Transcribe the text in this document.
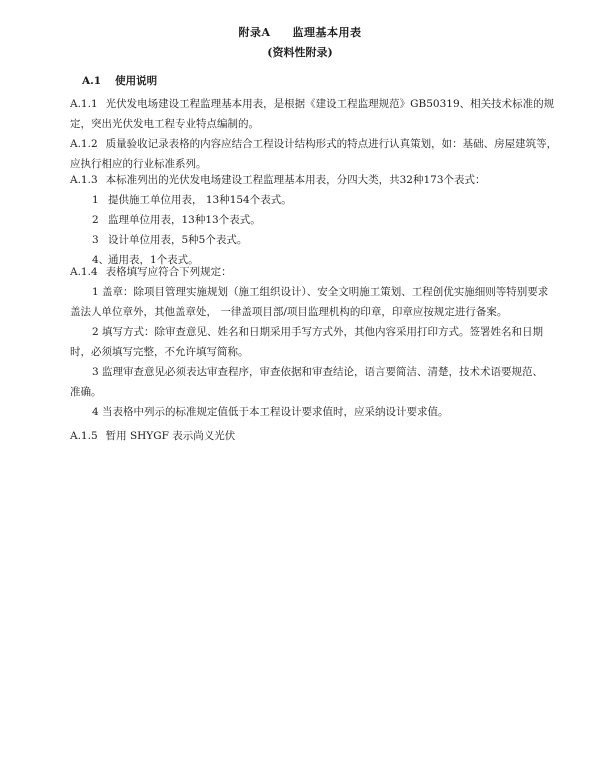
附录A 监理基本用表
(资料性附录)
A.1 使用说明
A.1.1 光伏发电场建设工程监理基本用表，是根据《建设工程监理规范》GB50319、相关技术标准的规
定，突出光伏发电工程专业特点编制的。
A.1.2 质量验收记录表格的内容应结合工程设计结构形式的特点进行认真策划，如：基础、房屋建筑等，
应执行相应的行业标准系列。
A.1.3 本标准列出的光伏发电场建设工程监理基本用表，分四大类，共32种173个表式：
1 提供施工单位用表， 13种154个表式。
2 监理单位用表，13种13个表式。
3 设计单位用表，5种5个表式。
4、通用表，1个表式。
A.1.4 表格填写应符合下列规定：
1 盖章：除项目管理实施规划（施工组织设计）、安全文明施工策划、工程创优实施细则等特别要求
盖法人单位章外，其他盖章处， 一律盖项目部/项目监理机构的印章，印章应按规定进行备案。
2 填写方式：除审查意见、姓名和日期采用手写方式外，其他内容采用打印方式。签署姓名和日期
时，必须填写完整，不允许填写简称。
3 监理审查意见必须表达审查程序，审查依据和审查结论，语言要简洁、清楚，技术术语要规范、
准确。
4 当表格中列示的标准规定值低于本工程设计要求值时，应采纳设计要求值。
A.1.5 暂用 SHYGF 表示尚义光伏
